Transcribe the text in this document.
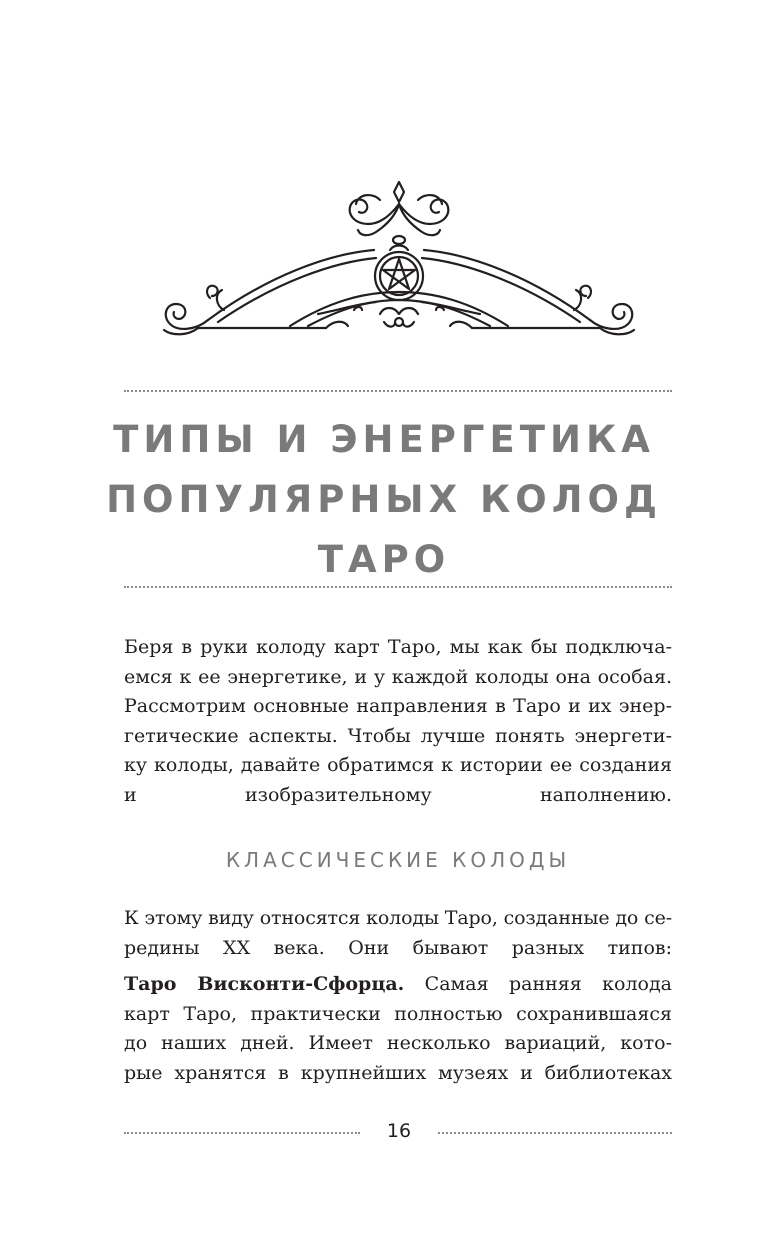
ТИПЫ И ЭНЕРГЕТИКА
ПОПУЛЯРНЫХ КОЛОД
ТАРО
Беря в руки колоду карт Таро, мы как бы подключа-
емся к ее энергетике, и у каждой колоды она особая.
Рассмотрим основные направления в Таро и их энер-
гетические аспекты. Чтобы лучше понять энергети-
ку колоды, давайте обратимся к истории ее создания
и изобразительному наполнению.
КЛАССИЧЕСКИЕ КОЛОДЫ
К этому виду относятся колоды Таро, созданные до се-
редины XX века. Они бывают разных типов:
Таро Висконти-Сфорца. Самая ранняя колода
карт Таро, практически полностью сохранившаяся
до наших дней. Имеет несколько вариаций, кото-
рые хранятся в крупнейших музеях и библиотеках
16
